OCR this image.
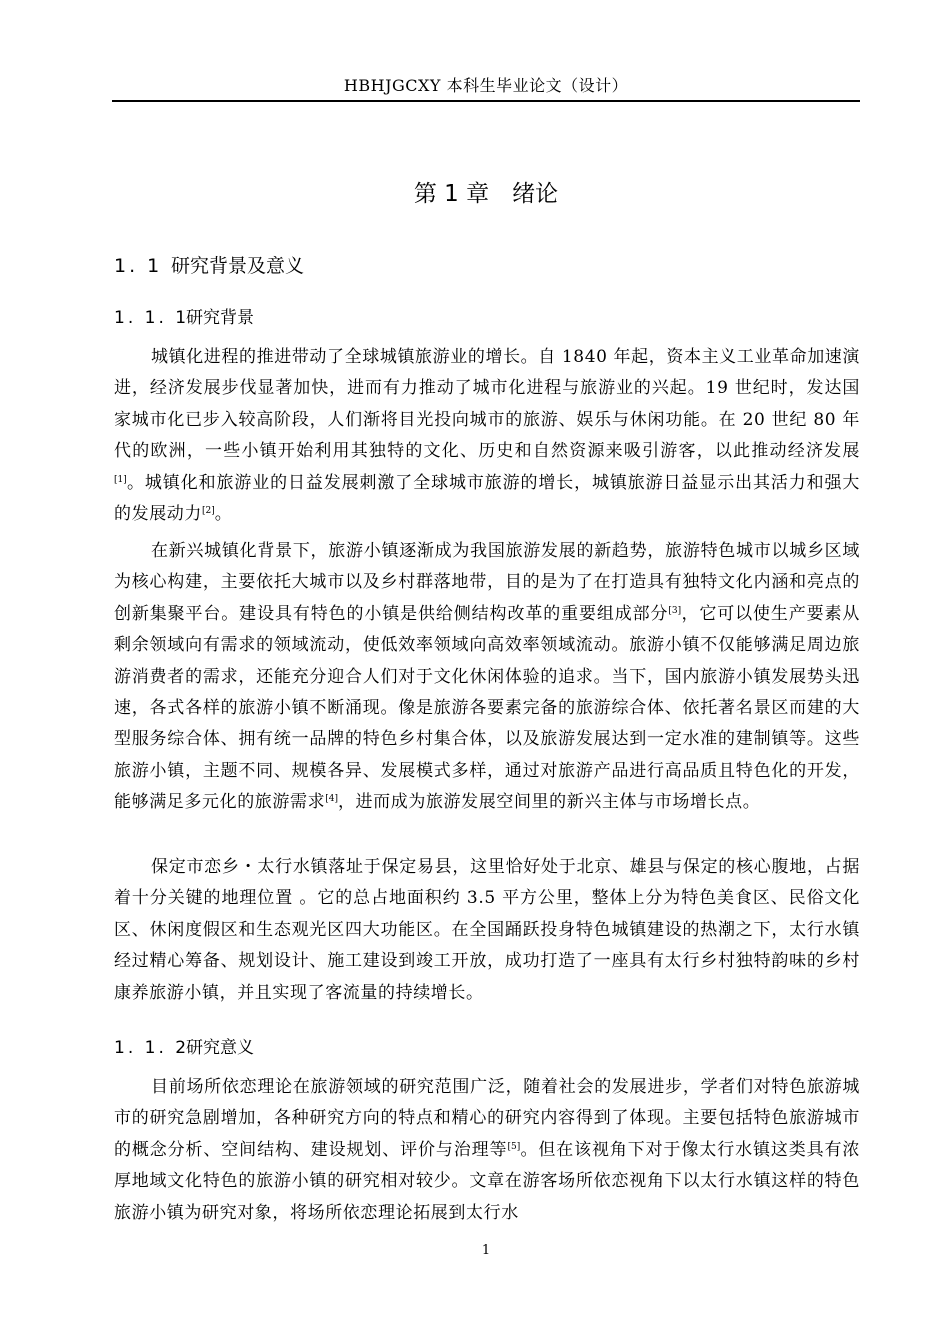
HBHJGCXY 本科生毕业论文（设计）
第 1 章　绪论
1. 1 研究背景及意义
1. 1. 1研究背景

城镇化进程的推进带动了全球城镇旅游业的增长。自 1840 年起，资本主义工业革命加速演进，经济发展步伐显著加快，进而有力推动了城市化进程与旅游业的兴起。19 世纪时，发达国家城市化已步入较高阶段，人们渐将目光投向城市的旅游、娱乐与休闲功能。在 20 世纪 80 年代的欧洲，一些小镇开始利用其独特的文化、历史和自然资源来吸引游客，以此推动经济发展[1]。城镇化和旅游业的日益发展刺激了全球城市旅游的增长，城镇旅游日益显示出其活力和强大的发展动力[2]。

在新兴城镇化背景下，旅游小镇逐渐成为我国旅游发展的新趋势，旅游特色城市以城乡区域为核心构建，主要依托大城市以及乡村群落地带，目的是为了在打造具有独特文化内涵和亮点的创新集聚平台。建设具有特色的小镇是供给侧结构改革的重要组成部分[3]，它可以使生产要素从剩余领域向有需求的领域流动，使低效率领域向高效率领域流动。旅游小镇不仅能够满足周边旅游消费者的需求，还能充分迎合人们对于文化休闲体验的追求。当下，国内旅游小镇发展势头迅速，各式各样的旅游小镇不断涌现。像是旅游各要素完备的旅游综合体、依托著名景区而建的大型服务综合体、拥有统一品牌的特色乡村集合体，以及旅游发展达到一定水准的建制镇等。这些旅游小镇，主题不同、规模各异、发展模式多样，通过对旅游产品进行高品质且特色化的开发，能够满足多元化的旅游需求[4]，进而成为旅游发展空间里的新兴主体与市场增长点。

保定市恋乡・太行水镇落址于保定易县，这里恰好处于北京、雄县与保定的核心腹地，占据着十分关键的地理位置 。它的总占地面积约 3.5 平方公里，整体上分为特色美食区、民俗文化区、休闲度假区和生态观光区四大功能区。在全国踊跃投身特色城镇建设的热潮之下，太行水镇经过精心筹备、规划设计、施工建设到竣工开放，成功打造了一座具有太行乡村独特韵味的乡村康养旅游小镇，并且实现了客流量的持续增长。

1. 1. 2研究意义

目前场所依恋理论在旅游领域的研究范围广泛，随着社会的发展进步，学者们对特色旅游城市的研究急剧增加，各种研究方向的特点和精心的研究内容得到了体现。主要包括特色旅游城市的概念分析、空间结构、建设规划、评价与治理等[5]。但在该视角下对于像太行水镇这类具有浓厚地域文化特色的旅游小镇的研究相对较少。文章在游客场所依恋视角下以太行水镇这样的特色旅游小镇为研究对象，将场所依恋理论拓展到太行水

1
